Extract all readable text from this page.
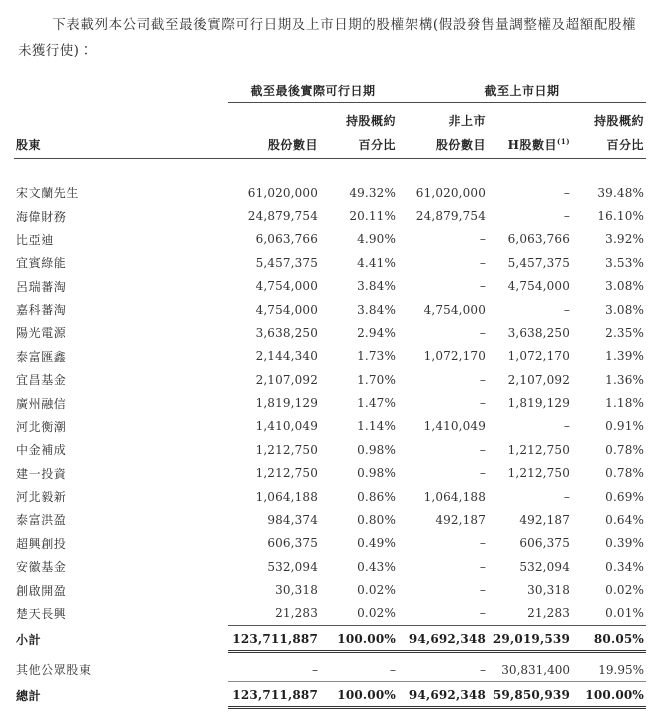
下表載列本公司截至最後實際可行日期及上市日期的股權架構(假設發售量調整權及超額配股權未獲行使)：

	截至最後實際可行日期		截至上市日期		

		持股概約	非上市		持股概約
股東	股份數目	百分比	股份數目	H股數目$^{(1)}$	百分比

宋文蘭先生	61,020,000	49.32%	61,020,000	–	39.48%
海偉財務	24,879,754	20.11%	24,879,754	–	16.10%
比亞迪	6,063,766	4.90%	–	6,063,766	3.92%
宜賓綠能	5,457,375	4.41%	–	5,457,375	3.53%
呂瑞蕃淘	4,754,000	3.84%	–	4,754,000	3.08%
嘉科蕃淘	4,754,000	3.84%	4,754,000	–	3.08%
陽光電源	3,638,250	2.94%	–	3,638,250	2.35%
泰富匯鑫	2,144,340	1.73%	1,072,170	1,072,170	1.39%
宜昌基金	2,107,092	1.70%	–	2,107,092	1.36%
廣州融信	1,819,129	1.47%	–	1,819,129	1.18%
河北衡潮	1,410,049	1.14%	1,410,049	–	0.91%
中金補成	1,212,750	0.98%	–	1,212,750	0.78%
建一投資	1,212,750	0.98%	–	1,212,750	0.78%
河北毅新	1,064,188	0.86%	1,064,188	–	0.69%
泰富洪盈	984,374	0.80%	492,187	492,187	0.64%
超興創投	606,375	0.49%	–	606,375	0.39%
安徽基金	532,094	0.43%	–	532,094	0.34%
創啟開盈	30,318	0.02%	–	30,318	0.02%
楚天長興	21,283	0.02%	–	21,283	0.01%
小計	123,711,887	100.00%	94,692,348	29,019,539	80.05%
其他公眾股東	–	–	–	30,831,400	19.95%
總計	123,711,887	100.00%	94,692,348	59,850,939	100.00%
